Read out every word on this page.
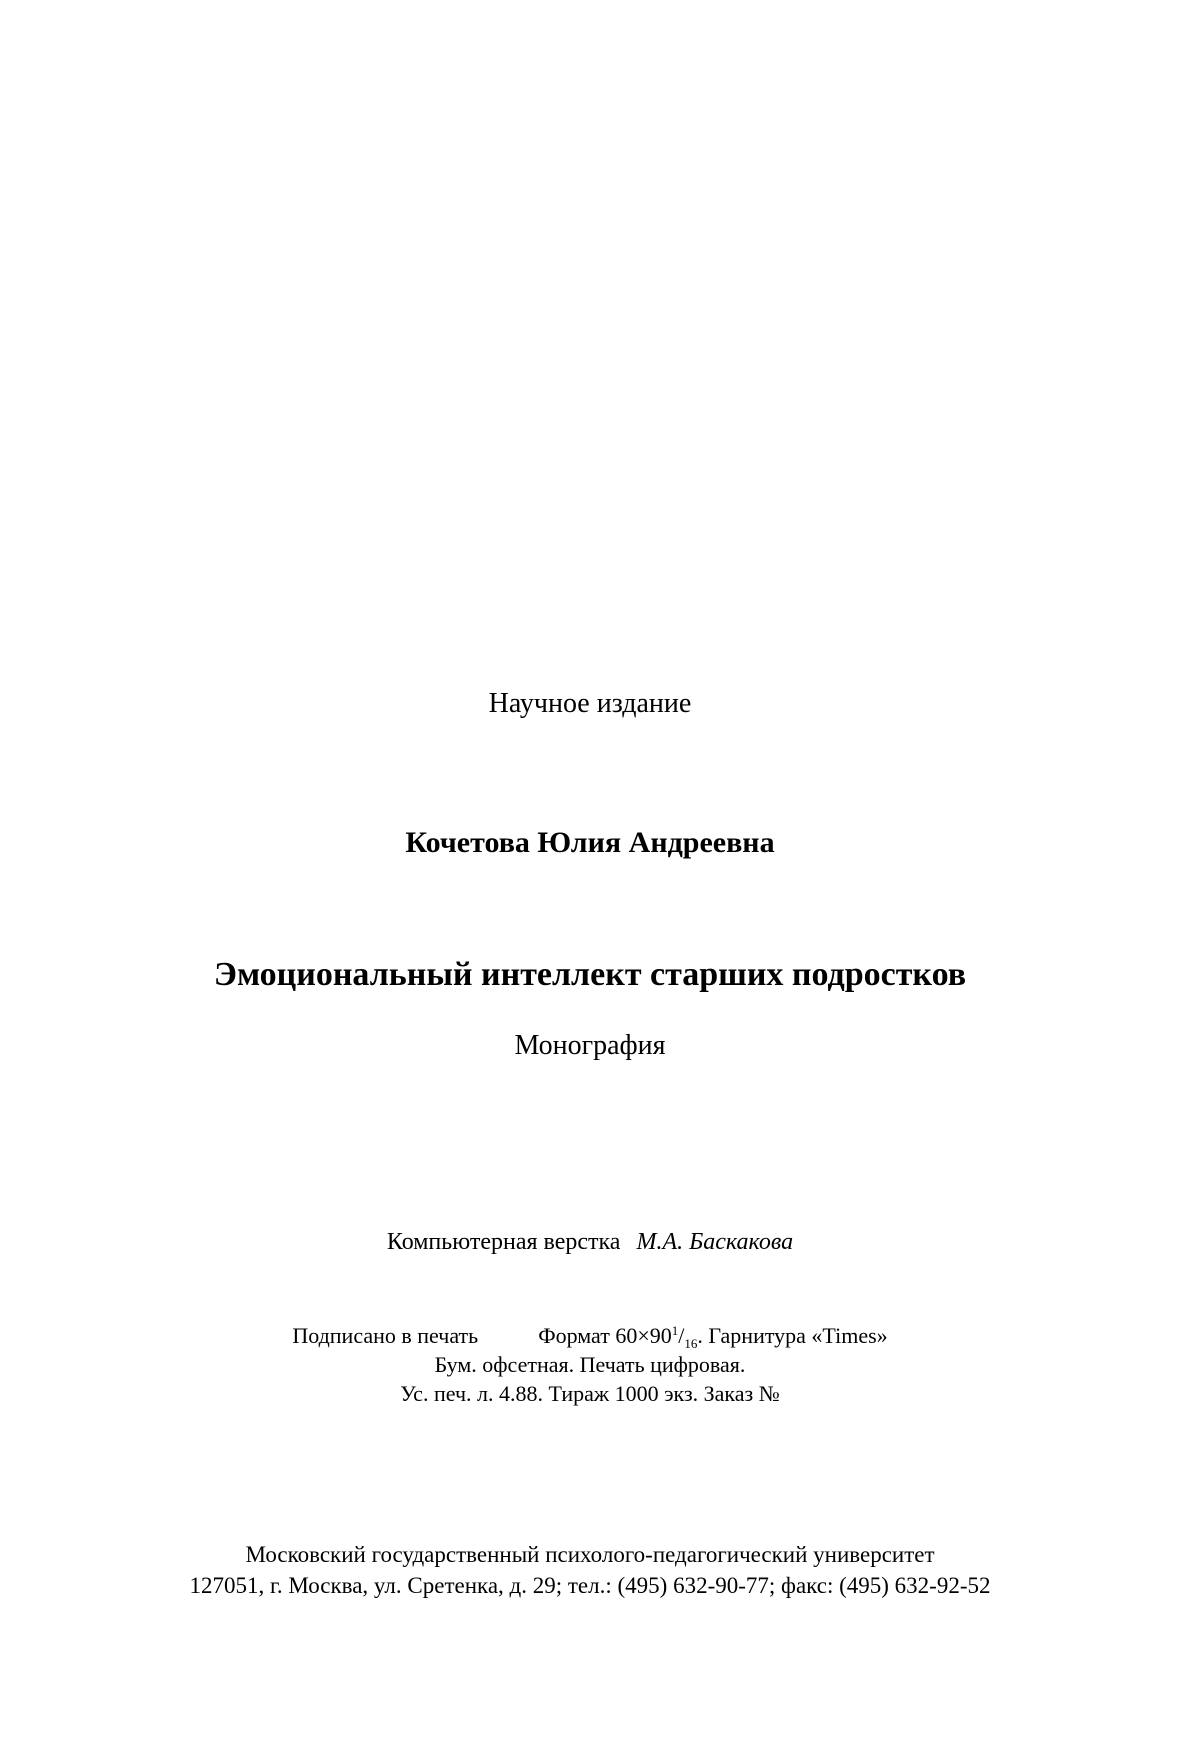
Научное издание
Кочетова Юлия Андреевна
Эмоциональный интеллект старших подростков
Монография
Компьютерная верстка М.А. Баскакова
Подписано в печать	Формат $60\times 90^1/_{16}$. Гарнитура «Times»
Бум. офсетная. Печать цифровая.
Ус. печ. л. 4.88. Тираж 1000 экз. Заказ №
Московский государственный психолого-педагогический университет
127051, г. Москва, ул. Сретенка, д. 29; тел.: (495) 632-90-77; факс: (495) 632-92-52
